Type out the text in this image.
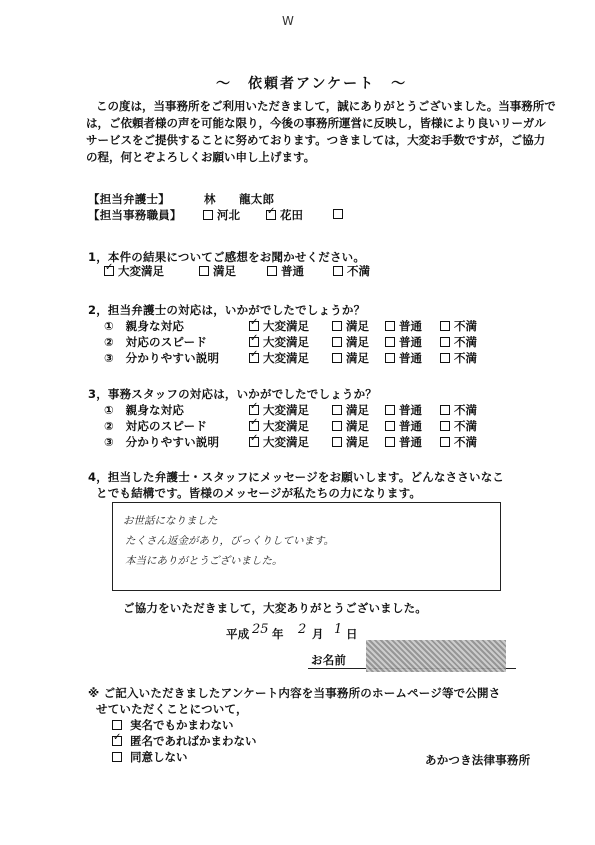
W
～　依頼者アンケート　～
この度は，当事務所をご利用いただきまして，誠にありがとうございました。当事務所では，ご依頼者様の声を可能な限り，今後の事務所運営に反映し，皆様により良いリーガルサービスをご提供することに努めております。つきましては，大変お手数ですが，ご協力の程，何とぞよろしくお願い申し上げます。
【担当弁護士】	林　　龍太郎
【担当事務職員】	河北
✓	花田
1，本件の結果についてご感想をお聞かせください。
✓大変満足	満足	普通	不満
2，担当弁護士の対応は，いかがでしたでしょうか？
①　親身な対応
②　対応のスピード
③　分かりやすい説明
✓大変満足	満足	普通	不満
✓大変満足	満足	普通	不満
✓大変満足	満足	普通	不満
3，事務スタッフの対応は，いかがでしたでしょうか？
①　親身な対応
②　対応のスピード
③　分かりやすい説明
✓大変満足	満足	普通	不満
✓大変満足	満足	普通	不満
✓大変満足	満足	普通	不満
4，担当した弁護士・スタッフにメッセージをお願いします。どんなささいなこ
とでも結構です。皆様のメッセージが私たちの力になります。
お世話になりました
たくさん返金があり，びっくりしています。
本当にありがとうございました。
ご協力をいただきまして，大変ありがとうございました。
平成 25 年 2 月 1 日
お名前
※ ご記入いただきましたアンケート内容を当事務所のホームページ等で公開さ
せていただくことについて，
実名でもかまわない
✓ 匿名であればかまわない
同意しない	あかつき法律事務所
